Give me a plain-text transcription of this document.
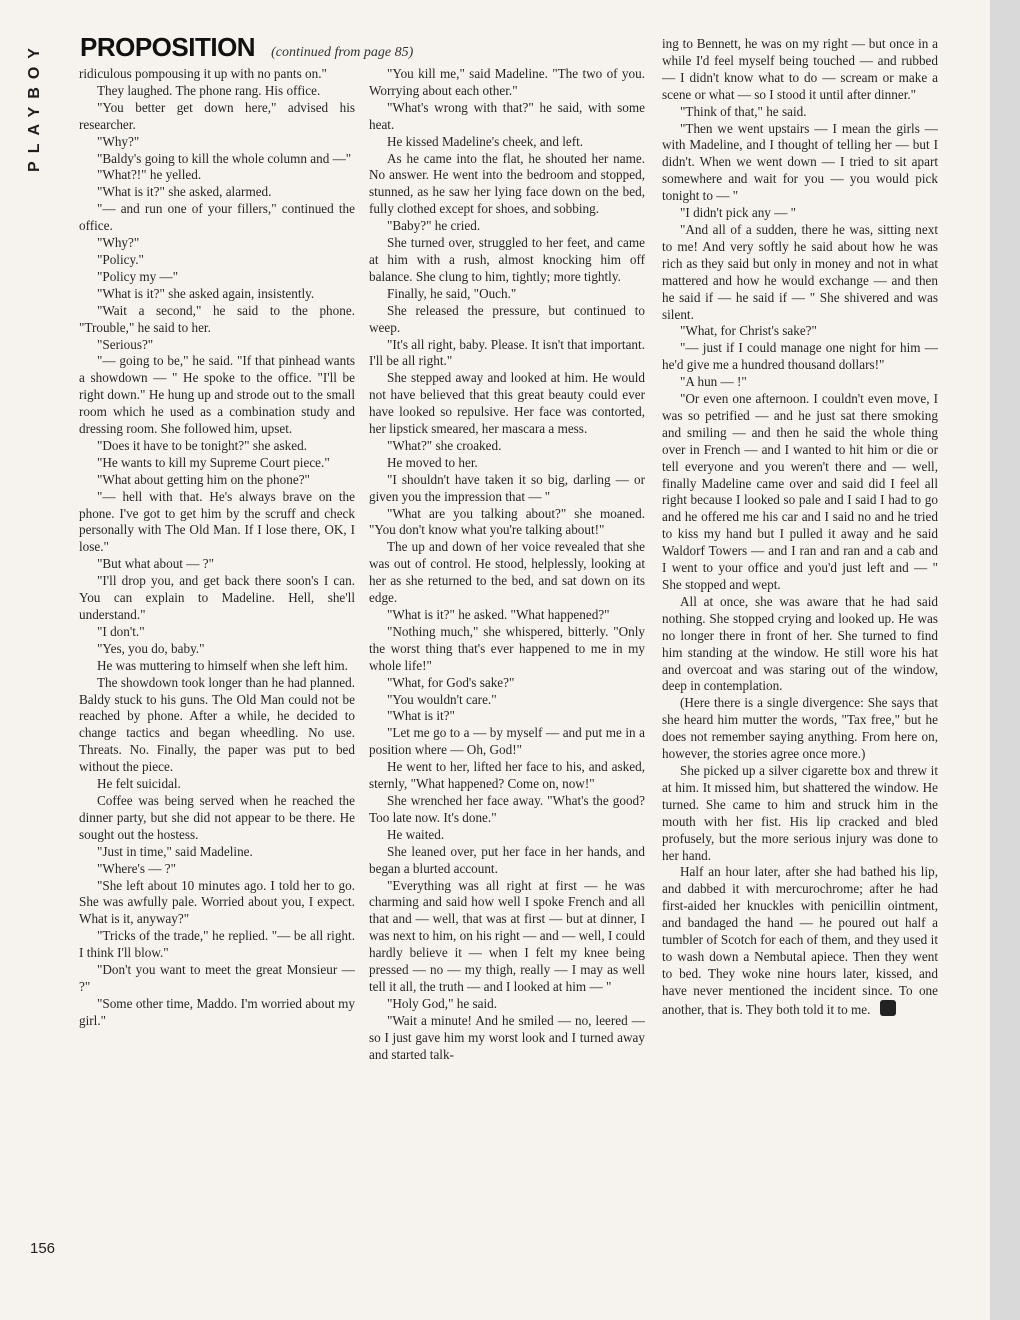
PLAYBOY PROPOSITION (continued from page 85)

ridiculous pompousing it up with no pants on."

They laughed. The phone rang. His office.

"You better get down here," advised his researcher.

"Why?"

"Baldy's going to kill the whole column and —"

"What?!" he yelled.

"What is it?" she asked, alarmed.

"— and run one of your fillers," continued the office.

"Why?"

"Policy."

"Policy my —"

"What is it?" she asked again, insistently.

"Wait a second," he said to the phone. "Trouble," he said to her.

"Serious?"

"— going to be," he said. "If that pinhead wants a showdown — " He spoke to the office. "I'll be right down." He hung up and strode out to the small room which he used as a combination study and dressing room. She followed him, upset.

"Does it have to be tonight?" she asked.

"He wants to kill my Supreme Court piece."

"What about getting him on the phone?"

"— hell with that. He's always brave on the phone. I've got to get him by the scruff and check personally with The Old Man. If I lose there, OK, I lose."

"But what about — ?"

"I'll drop you, and get back there soon's I can. You can explain to Madeline. Hell, she'll understand."

"I don't."

"Yes, you do, baby."

He was muttering to himself when she left him.

The showdown took longer than he had planned. Baldy stuck to his guns. The Old Man could not be reached by phone. After a while, he decided to change tactics and began wheedling. No use. Threats. No. Finally, the paper was put to bed without the piece.

He felt suicidal.

Coffee was being served when he reached the dinner party, but she did not appear to be there. He sought out the hostess.

"Just in time," said Madeline.

"Where's — ?"

"She left about 10 minutes ago. I told her to go. She was awfully pale. Worried about you, I expect. What is it, anyway?"

"Tricks of the trade," he replied. "— be all right. I think I'll blow."

"Don't you want to meet the great Monsieur — ?"

"Some other time, Maddo. I'm worried about my girl."

"You kill me," said Madeline. "The two of you. Worrying about each other."

"What's wrong with that?" he said, with some heat.

He kissed Madeline's cheek, and left.

As he came into the flat, he shouted her name. No answer. He went into the bedroom and stopped, stunned, as he saw her lying face down on the bed, fully clothed except for shoes, and sobbing.

"Baby?" he cried.

She turned over, struggled to her feet, and came at him with a rush, almost knocking him off balance. She clung to him, tightly; more tightly.

Finally, he said, "Ouch."

She released the pressure, but continued to weep.

"It's all right, baby. Please. It isn't that important. I'll be all right."

She stepped away and looked at him. He would not have believed that this great beauty could ever have looked so repulsive. Her face was contorted, her lipstick smeared, her mascara a mess.

"What?" she croaked.

He moved to her.

"I shouldn't have taken it so big, darling — or given you the impression that — "

"What are you talking about?" she moaned. "You don't know what you're talking about!"

The up and down of her voice revealed that she was out of control. He stood, helplessly, looking at her as she returned to the bed, and sat down on its edge.

"What is it?" he asked. "What happened?"

"Nothing much," she whispered, bitterly. "Only the worst thing that's ever happened to me in my whole life!"

"What, for God's sake?"

"You wouldn't care."

"What is it?"

"Let me go to a — by myself — and put me in a position where — Oh, God!"

He went to her, lifted her face to his, and asked, sternly, "What happened? Come on, now!"

She wrenched her face away. "What's the good? Too late now. It's done."

He waited.

She leaned over, put her face in her hands, and began a blurted account.

"Everything was all right at first — he was charming and said how well I spoke French and all that and — well, that was at first — but at dinner, I was next to him, on his right — and — well, I could hardly believe it — when I felt my knee being pressed — no — my thigh, really — I may as well tell it all, the truth — and I looked at him — "

"Holy God," he said.

"Wait a minute! And he smiled — no, leered — so I just gave him my worst look and I turned away and started talk-

ing to Bennett, he was on my right — but once in a while I'd feel myself being touched — and rubbed — I didn't know what to do — scream or make a scene or what — so I stood it until after dinner."

"Think of that," he said.

"Then we went upstairs — I mean the girls — with Madeline, and I thought of telling her — but I didn't. When we went down — I tried to sit apart somewhere and wait for you — you would pick tonight to — "

"I didn't pick any — "

"And all of a sudden, there he was, sitting next to me! And very softly he said about how he was rich as they said but only in money and not in what mattered and how he would exchange — and then he said if — he said if — " She shivered and was silent.

"What, for Christ's sake?"

"— just if I could manage one night for him — he'd give me a hundred thousand dollars!"

"A hun — !"

"Or even one afternoon. I couldn't even move, I was so petrified — and he just sat there smoking and smiling — and then he said the whole thing over in French — and I wanted to hit him or die or tell everyone and you weren't there and — well, finally Madeline came over and said did I feel all right because I looked so pale and I said I had to go and he offered me his car and I said no and he tried to kiss my hand but I pulled it away and he said Waldorf Towers — and I ran and ran and a cab and I went to your office and you'd just left and — " She stopped and wept.

All at once, she was aware that he had said nothing. She stopped crying and looked up. He was no longer there in front of her. She turned to find him standing at the window. He still wore his hat and overcoat and was staring out of the window, deep in contemplation.

(Here there is a single divergence: She says that she heard him mutter the words, "Tax free," but he does not remember saying anything. From here on, however, the stories agree once more.)

She picked up a silver cigarette box and threw it at him. It missed him, but shattered the window. He turned. She came to him and struck him in the mouth with her fist. His lip cracked and bled profusely, but the more serious injury was done to her hand.

Half an hour later, after she had bathed his lip, and dabbed it with mercurochrome; after he had first-aided her knuckles with penicillin ointment, and bandaged the hand — he poured out half a tumbler of Scotch for each of them, and they used it to wash down a Nembutal apiece. Then they went to bed. They woke nine hours later, kissed, and have never mentioned the incident since. To one another, that is. They both told it to me.

156
